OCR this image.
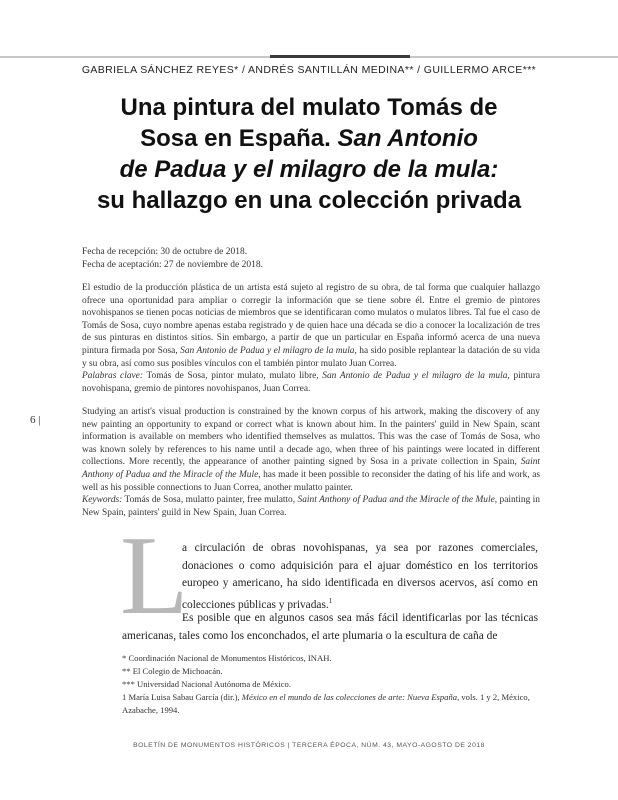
GABRIELA SÁNCHEZ REYES* / ANDRÉS SANTILLÁN MEDINA** / GUILLERMO ARCE***
Una pintura del mulato Tomás de
Sosa en España. San Antonio
de Padua y el milagro de la mula:
su hallazgo en una colección privada
Fecha de recepción: 30 de octubre de 2018.
Fecha de aceptación: 27 de noviembre de 2018.

El estudio de la producción plástica de un artista está sujeto al registro de su obra, de tal forma que cualquier hallazgo ofrece una oportunidad para ampliar o corregir la información que se tiene sobre él. Entre el gremio de pintores novohispanos se tienen pocas noticias de miembros que se identificaran como mulatos o mulatos libres. Tal fue el caso de Tomás de Sosa, cuyo nombre apenas estaba registrado y de quien hace una década se dio a conocer la localización de tres de sus pinturas en distintos sitios. Sin embargo, a partir de que un particular en España informó acerca de una nueva pintura firmada por Sosa, San Antonio de Padua y el milagro de la mula, ha sido posible replantear la datación de su vida y su obra, así como sus posibles vínculos con el también pintor mulato Juan Correa.
Palabras clave: Tomás de Sosa, pintor mulato, mulato libre, San Antonio de Padua y el milagro de la mula, pintura novohispana, gremio de pintores novohispanos, Juan Correa.

6 |

Studying an artist's visual production is constrained by the known corpus of his artwork, making the discovery of any new painting an opportunity to expand or correct what is known about him. In the painters' guild in New Spain, scant information is available on members who identified themselves as mulattos. This was the case of Tomás de Sosa, who was known solely by references to his name until a decade ago, when three of his paintings were located in different collections. More recently, the appearance of another painting signed by Sosa in a private collection in Spain, Saint Anthony of Padua and the Miracle of the Mule, has made it been possible to reconsider the dating of his life and work, as well as his possible connections to Juan Correa, another mulatto painter.
Keywords: Tomás de Sosa, mulatto painter, free mulatto, Saint Anthony of Padua and the Miracle of the Mule, painting in New Spain, painters' guild in New Spain, Juan Correa.

L

a circulación de obras novohispanas, ya sea por razones comerciales, donaciones o como adquisición para el ajuar doméstico en los territorios europeo y americano, ha sido identificada en diversos acervos, así como en colecciones públicas y privadas.$^1$

Es posible que en algunos casos sea más fácil identificarlas por las técnicas americanas, tales como los enconchados, el arte plumaria o la escultura de caña de

* Coordinación Nacional de Monumentos Históricos, INAH.
** El Colegio de Michoacán.
*** Universidad Nacional Autónoma de México.
1 María Luisa Sabau García (dir.), México en el mundo de las colecciones de arte: Nueva España, vols. 1 y 2, México, Azabache, 1994.
BOLETÍN DE MONUMENTOS HISTÓRICOS | TERCERA ÉPOCA, NÚM. 43, MAYO-AGOSTO DE 2018
